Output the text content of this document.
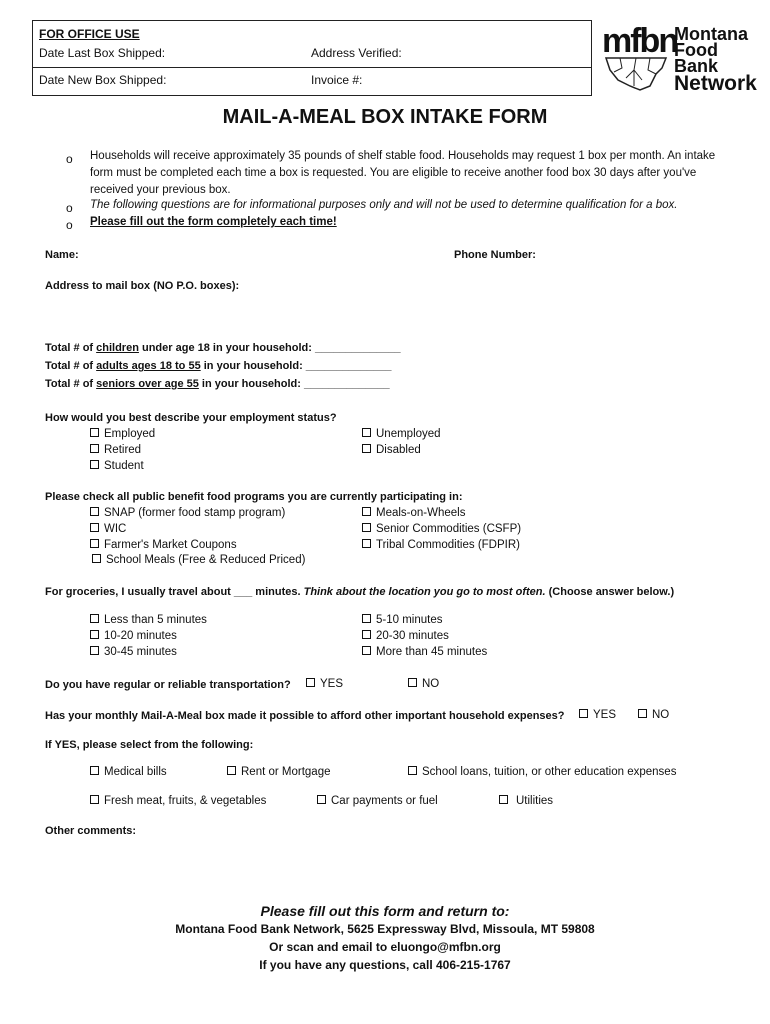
FOR OFFICE USE
Date Last Box Shipped:	Address Verified:
Date New Box Shipped:	Invoice #:
mfbn
Montana
Food Bank
Network
MAIL-A-MEAL BOX INTAKE FORM
o Households will receive approximately 35 pounds of shelf stable food. Households may request 1 box per month. An intake form must be completed each time a box is requested. You are eligible to receive another food box 30 days after you've received your previous box.
o The following questions are for informational purposes only and will not be used to determine qualification for a box.
o Please fill out the form completely each time!
Name:	Phone Number:
Address to mail box (NO P.O. boxes):
Total # of children under age 18 in your household: ______________
Total # of adults ages 18 to 55 in your household: ______________
Total # of seniors over age 55 in your household: ______________
How would you best describe your employment status?
Employed
Retired
Student
Unemployed
Disabled
Please check all public benefit food programs you are currently participating in:
SNAP (former food stamp program)
WIC
Farmer's Market Coupons
School Meals (Free & Reduced Priced)
Meals-on-Wheels
Senior Commodities (CSFP)
Tribal Commodities (FDPIR)
For groceries, I usually travel about ___ minutes. Think about the location you go to most often. (Choose answer below.)
Less than 5 minutes
10-20 minutes
30-45 minutes
5-10 minutes
20-30 minutes
More than 45 minutes
Do you have regular or reliable transportation?	YES	NO
Has your monthly Mail-A-Meal box made it possible to afford other important household expenses?	YES	NO
If YES, please select from the following:
Medical bills	Rent or Mortgage	School loans, tuition, or other education expenses
Fresh meat, fruits, & vegetables	Car payments or fuel	Utilities
Other comments:
Please fill out this form and return to:
Montana Food Bank Network, 5625 Expressway Blvd, Missoula, MT 59808
Or scan and email to eluongo@mfbn.org
If you have any questions, call 406-215-1767
